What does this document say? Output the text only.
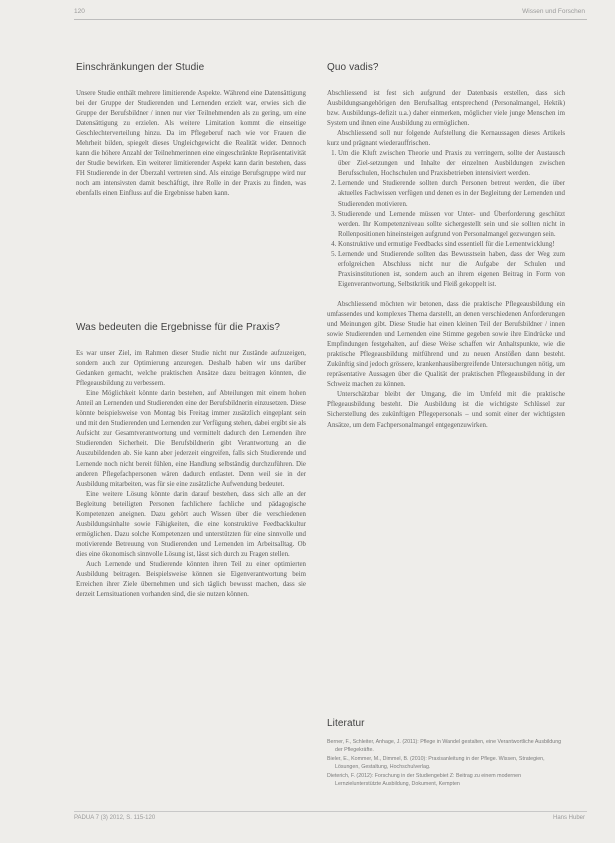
120	Wissen und Forschen
Einschränkungen der Studie

Unsere Studie enthält mehrere limitierende Aspekte. Während eine Datensättigung bei der Gruppe der Studierenden und Lernenden erzielt war, erwies sich die Gruppe der Berufsbildner / innen nur vier Teilnehmenden als zu gering, um eine Datensättigung zu erzielen. Als weitere Limitation kommt die einseitige Geschlechterverteilung hinzu. Da im Pflegeberuf nach wie vor Frauen die Mehrheit bilden, spiegelt dieses Ungleichgewicht die Realität wider. Dennoch kann die höhere Anzahl der Teilnehmerinnen eine eingeschränkte Repräsentativität der Studie bewirken. Ein weiterer limitierender Aspekt kann darin bestehen, dass FH Studierende in der Überzahl vertreten sind. Als einzige Berufsgruppe wird nur noch am intensivsten damit beschäftigt, ihre Rolle in der Praxis zu finden, was ebenfalls einen Einfluss auf die Ergebnisse haben kann.

Was bedeuten die Ergebnisse für die Praxis?

Es war unser Ziel, im Rahmen dieser Studie nicht nur Zustände aufzuzeigen, sondern auch zur Optimierung anzuregen. Deshalb haben wir uns darüber Gedanken gemacht, welche praktischen Ansätze dazu beitragen könnten, die Pflegeausbildung zu verbessern.

Eine Möglichkeit könnte darin bestehen, auf Abteilungen mit einem hohen Anteil an Lernenden und Studierenden eine der Berufsbildnerin einzusetzen. Diese könnte beispielsweise von Montag bis Freitag immer zusätzlich eingeplant sein und mit den Studierenden und Lernenden zur Verfügung stehen, dabei ergibt sie als Aufsicht zur Gesamtverantwortung und vermittelt dadurch den Lernenden ihre Studierenden Sicherheit. Die Berufsbildnerin gibt Verantwortung an die Auszubildenden ab. Sie kann aber jederzeit eingreifen, falls sich Studierende und Lernende noch nicht bereit fühlen, eine Handlung selbständig durchzuführen. Die anderen Pflegefachpersonen wären dadurch entlastet. Denn weil sie in der Ausbildung mitarbeiten, was für sie eine zusätzliche Aufwendung bedeutet.

Eine weitere Lösung könnte darin darauf bestehen, dass sich alle an der Begleitung beteiligten Personen fachlichere fachliche und pädagogische Kompetenzen aneignen. Dazu gehört auch Wissen über die verschiedenen Ausbildungsinhalte sowie Fähigkeiten, die eine konstruktive Feedbackkultur ermöglichen. Dazu solche Kompetenzen und unterstützten für eine sinnvolle und motivierende Betreuung von Studierenden und Lernenden im Arbeitsalltag. Ob dies eine ökonomisch sinnvolle Lösung ist, lässt sich durch zu Fragen stellen.

Auch Lernende und Studierende könnten ihren Teil zu einer optimierten Ausbildung beitragen. Beispielsweise können sie Eigenverantwortung beim Erreichen ihrer Ziele übernehmen und sich täglich bewusst machen, dass sie derzeit Lernsituationen vorhanden sind, die sie nutzen können.

Quo vadis?

Abschliessend ist fest sich aufgrund der Datenbasis erstellen, dass sich Ausbildungsangehörigen den Berufsalltag entsprechend (Personalmangel, Hektik) bzw. Ausbildungs-defizit u.a.) daher einmerken, möglicher viele junge Menschen im System und ihnen eine Ausbildung zu ermöglichen.

Abschliessend soll nur folgende Aufstellung die Kernaussagen dieses Artikels kurz und prägnant wiederauffrischen.

1. Um die Kluft zwischen Theorie und Praxis zu verringern, sollte der Austausch über Ziel-setzungen und Inhalte der einzelnen Ausbildungen zwischen Berufsschulen, Hochschulen und Praxisbetrieben intensiviert werden.
2. Lernende und Studierende sollten durch Personen betreut werden, die über aktuelles Fachwissen verfügen und denen es in der Begleitung der Lernenden und Studierenden motivieren.
3. Studierende und Lernende müssen vor Unter- und Überforderung geschützt werden. Ihr Kompetenzniveau sollte sichergestellt sein und sie sollten nicht in Rollenpositionen hineinsteigen aufgrund von Personalmangel gezwungen sein.
4. Konstruktive und ermutige Feedbacks sind essentiell für die Lernentwicklung!
5. Lernende und Studierende sollten das Bewusstsein haben, dass der Weg zum erfolgreichen Abschluss nicht nur die Aufgabe der Schulen und Praxisinstitutionen ist, sondern auch an ihrem eigenen Beitrag in Form von Eigenverantwortung, Selbstkritik und Fleiß gekoppelt ist.

Abschliessend möchten wir betonen, dass die praktische Pflegeausbildung ein umfassendes und komplexes Thema darstellt, an denen verschiedenen Anforderungen und Meinungen gibt. Diese Studie hat einen kleinen Teil der Berufsbildner / innen sowie Studierenden und Lernenden eine Stimme gegeben sowie ihre Eindrücke und Empfindungen festgehalten, auf diese Weise schaffen wir Anhaltspunkte, wie die praktische Pflegeausbildung mitführend und zu neuen Anstößen dann besteht. Zukünftig sind jedoch grössere, krankenhausübergreifende Untersuchungen nötig, um repräsentative Aussagen über die Qualität der praktischen Pflegeausbildung in der Schweiz machen zu können.

Unterschätzbar bleibt der Umgang, die im Umfeld mit die praktische Pflegeausbildung besteht. Die Ausbildung ist die wichtigste Schlüssel zur Sicherstellung des zukünftigen Pflegepersonals – und somit einer der wichtigsten Ansätze, um dem Fachpersonalmangel entgegenzuwirken.

Literatur
Berner, F., Schleiter, Anhage, J. (2011): Pflege in Wandel gestalten, eine Verantwortliche Ausbildung der Pflegekräfte.
Bieler, E., Kommer, M., Dimmel, B. (2010): Praxisanleitung in der Pflege. Wissen, Strategien, Lösungen, Gestaltung, Hochschulverlag.
Dieterich, F. (2012): Forschung in der Studiengebiet Z: Beitrag zu einem modernen Lernzielunterstützte Ausbildung, Dokument, Kempten
PADUA 7 (3) 2012, S. 115-120	Hans Huber
